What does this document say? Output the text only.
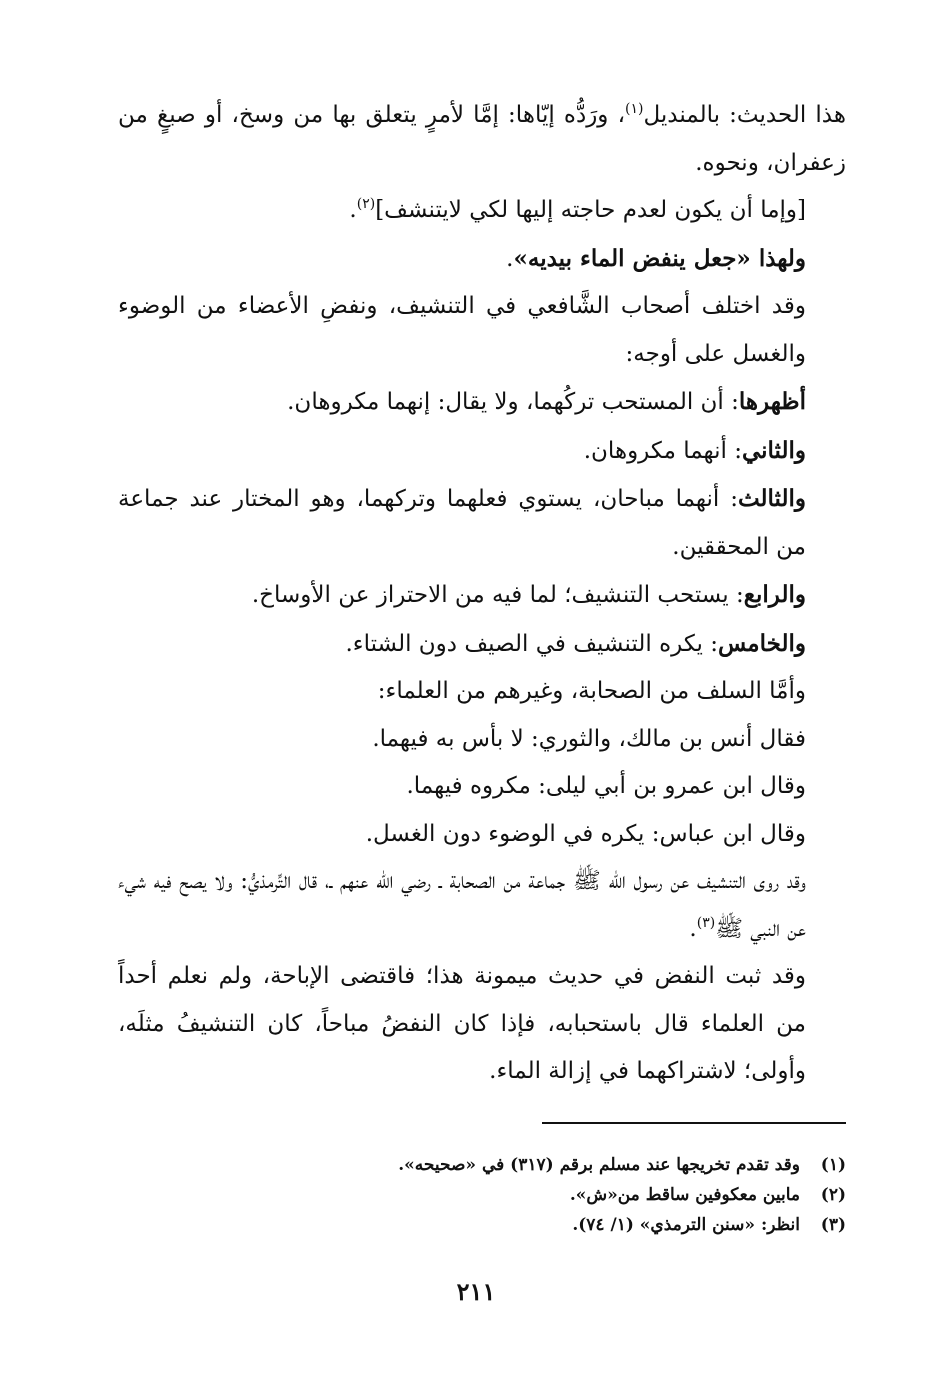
هذا الحديث: بالمنديل$^{(١)}$، ورَدُّه إيّاها: إمَّا لأمرٍ يتعلق بها من وسخ، أو صبغٍ من زعفران، ونحوه.

[وإما أن يكون لعدم حاجته إليها لكي لايتنشف]$^{(٢)}$.

ولهذا «جعل ينفض الماء بيديه».

وقد اختلف أصحاب الشَّافعي في التنشيف، ونفضِ الأعضاء من الوضوء والغسل على أوجه:

أظهرها: أن المستحب تركُهما، ولا يقال: إنهما مكروهان.

والثاني: أنهما مكروهان.

والثالث: أنهما مباحان، يستوي فعلهما وتركهما، وهو المختار عند جماعة من المحققين.

والرابع: يستحب التنشيف؛ لما فيه من الاحتراز عن الأوساخ.

والخامس: يكره التنشيف في الصيف دون الشتاء.

وأمَّا السلف من الصحابة، وغيرهم من العلماء:

فقال أنس بن مالك، والثوري: لا بأس به فيهما.

وقال ابن عمرو بن أبي ليلى: مكروه فيهما.

وقال ابن عباس: يكره في الوضوء دون الغسل.

وقد روى التنشيف عن رسول الله ﷺ جماعة من الصحابة ـ رضي الله عنهم ـ، قال التِّرمذيُّ: ولا يصح فيه شيء عن النبي ﷺ$^{(٣)}$.

وقد ثبت النفض في حديث ميمونة هذا؛ فاقتضى الإباحة، ولم نعلم أحداً من العلماء قال باستحبابه، فإذا كان النفضُ مباحاً، كان التنشيفُ مثلَه، وأولى؛ لاشتراكهما في إزالة الماء.

(١)
وقد تقدم تخريجها عند مسلم برقم (٣١٧) في «صحيحه».
(٢)
مابين معكوفين ساقط من«ش».
(٣)
انظر: «سنن الترمذي» (١/ ٧٤).
٢١١
